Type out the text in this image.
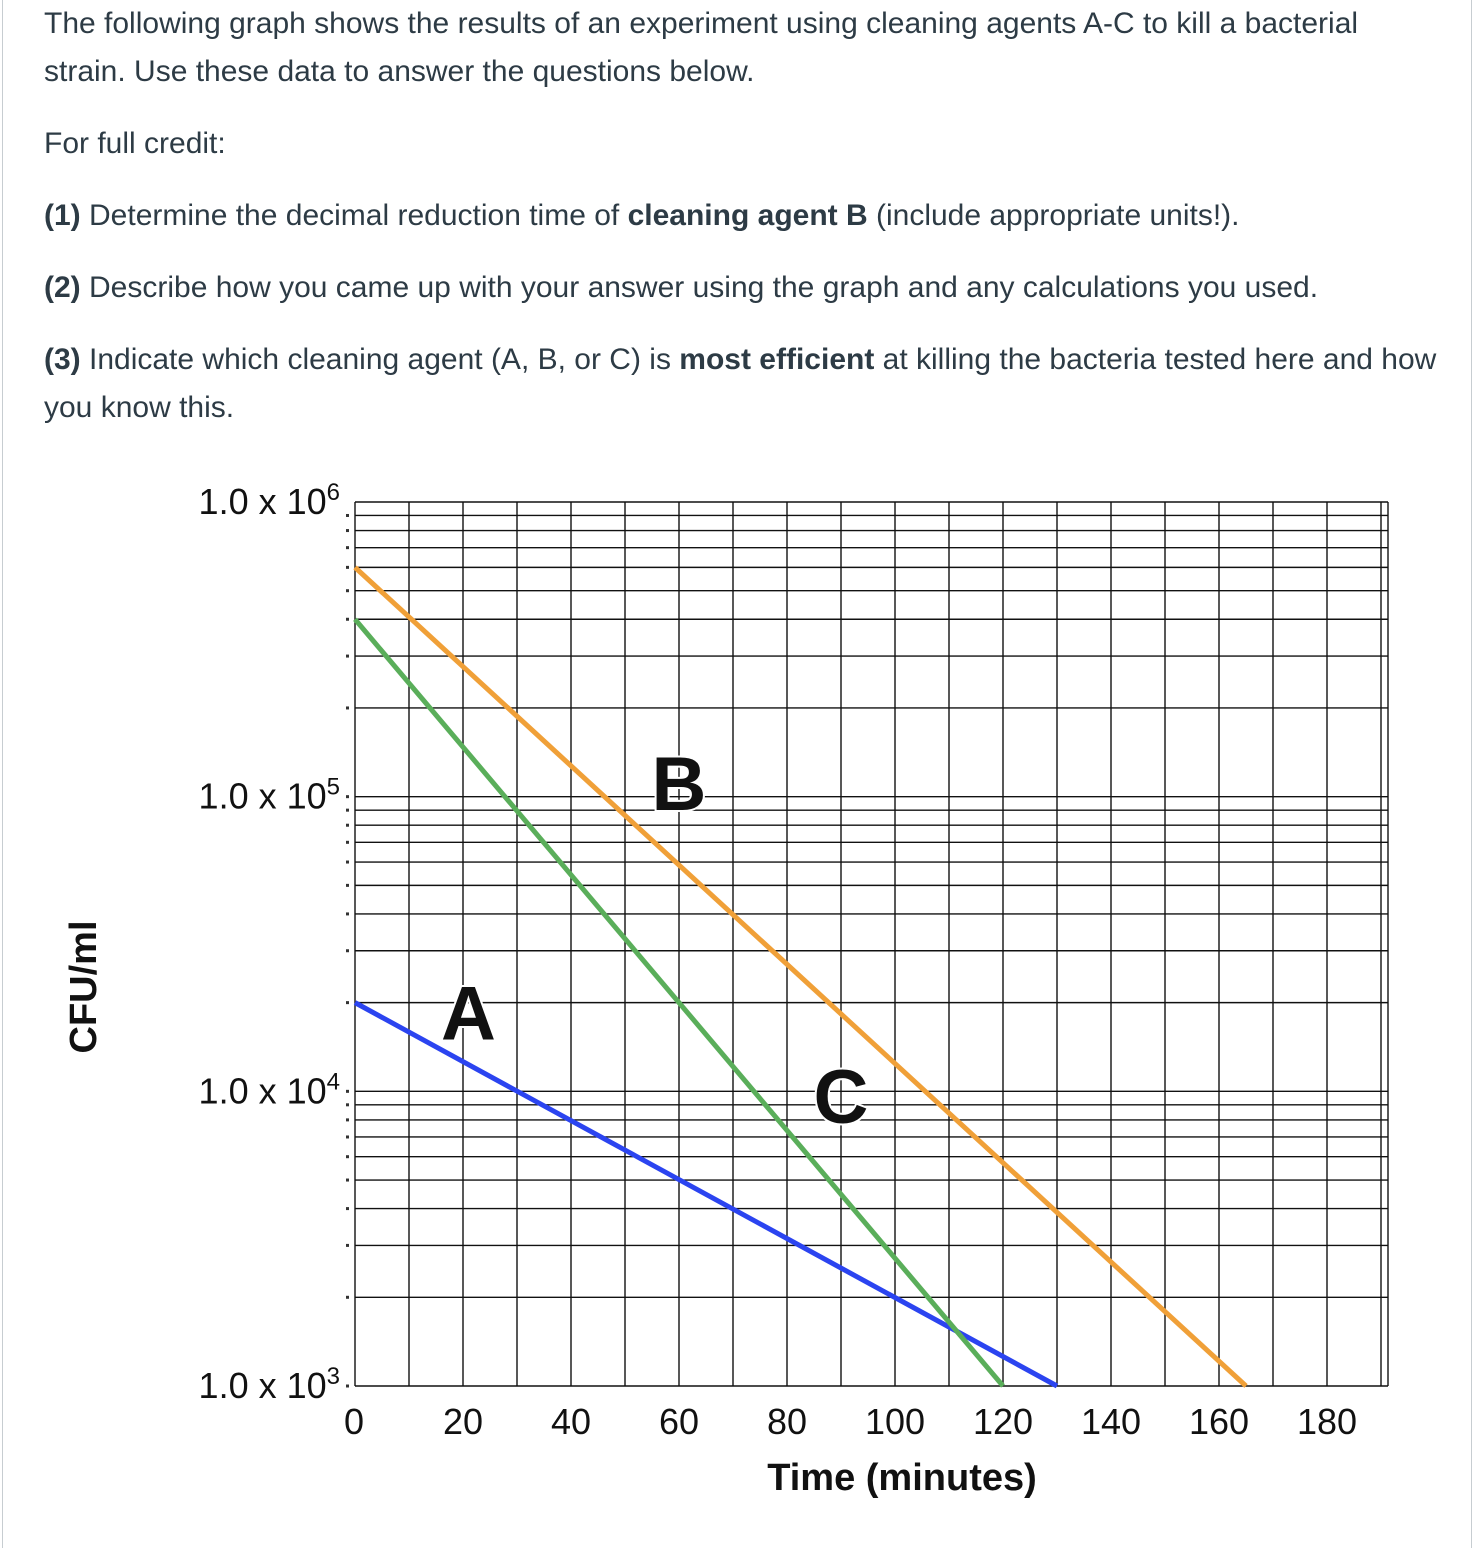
The following graph shows the results of an experiment using cleaning agents A-C to kill a bacterial strain. Use these data to answer the questions below.
For full credit:
(1) Determine the decimal reduction time of cleaning agent B (include appropriate units!).
(2) Describe how you came up with your answer using the graph and any calculations you used.
(3) Indicate which cleaning agent (A, B, or C) is most efficient at killing the bacteria tested here and how you know this.
A
B
C
0 20 40 60 80 100 120 140 160 180
1.0 x $10^6$
1.0 x $10^5$
1.0 x $10^4$
1.0 x $10^3$
Time (minutes)
CFU/ml
